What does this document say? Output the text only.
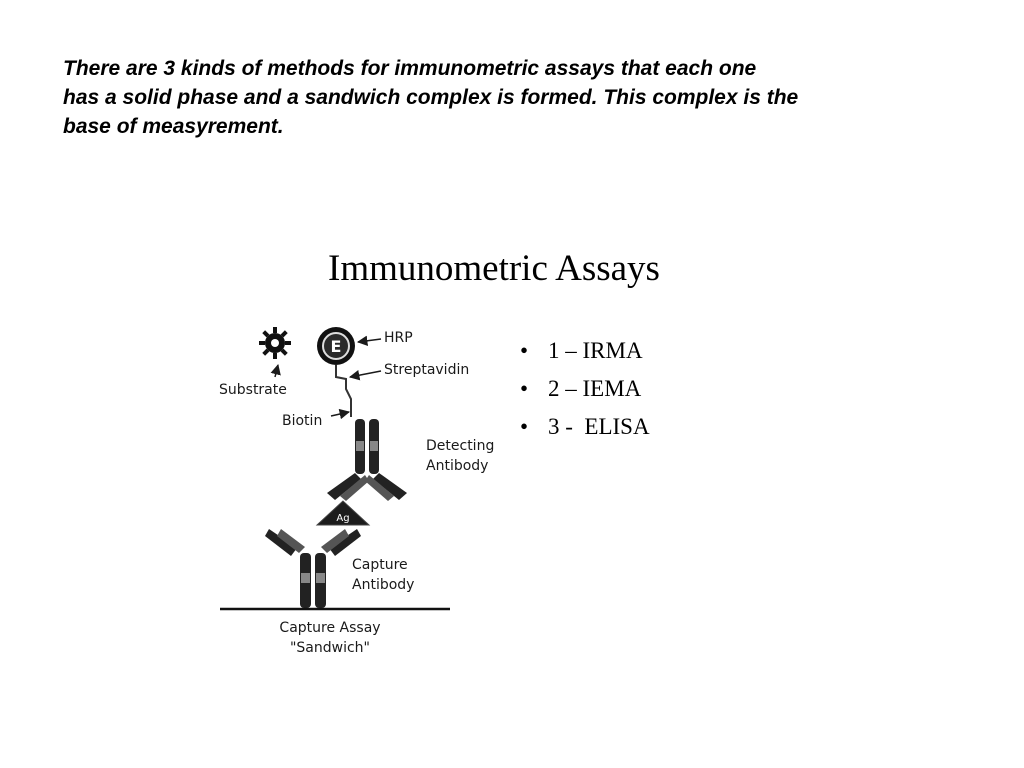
There are 3 kinds of methods for immunometric assays that each one
has a solid phase and a sandwich complex is formed. This complex is the
base of measyrement.

Immunometric Assays
• 1 – IRMA
• 2 – IEMA
• 3 -  ELISA
Substrate
E	HRP
Streptavidin
Biotin
Detecting
Antibody
Ag
Capture
Antibody
Capture Assay
"Sandwich"
